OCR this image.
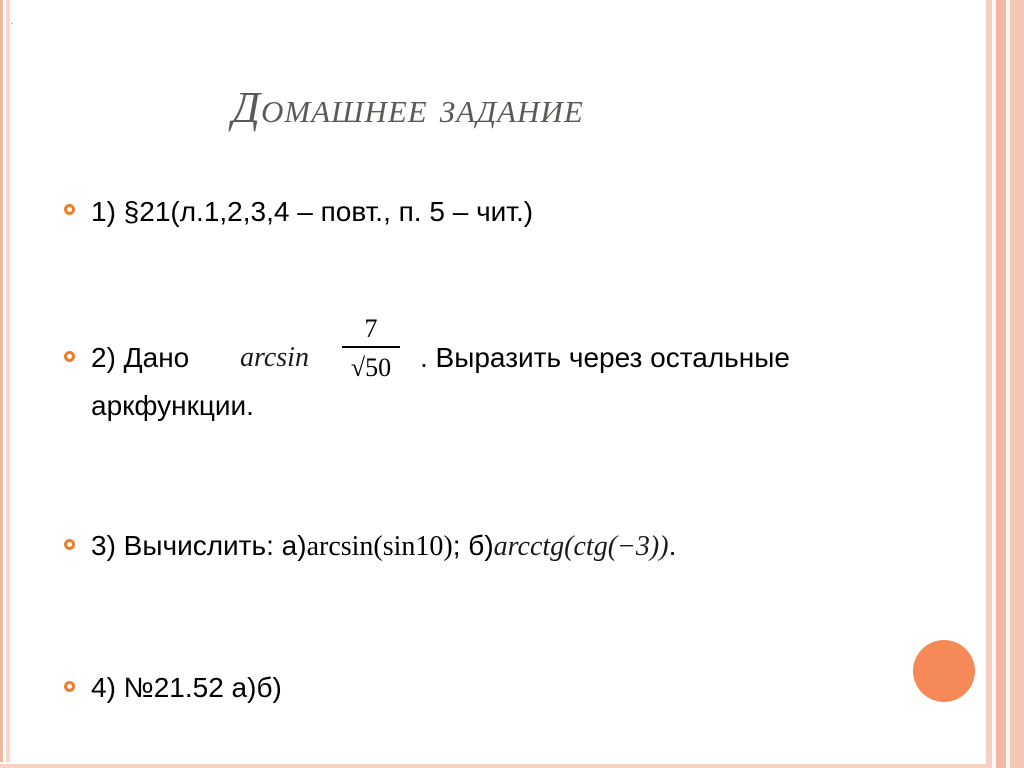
.
Домашнее задание
1) §21(л.1,2,3,4 – повт., п. 5 – чит.)
2) Дано arcsin
7
√50	. Выразить через остальные
аркфункции.
3) Вычислить: а)arcsin(sin10); б)arcctg(ctg(−3)).
4) №21.52 а)б)
